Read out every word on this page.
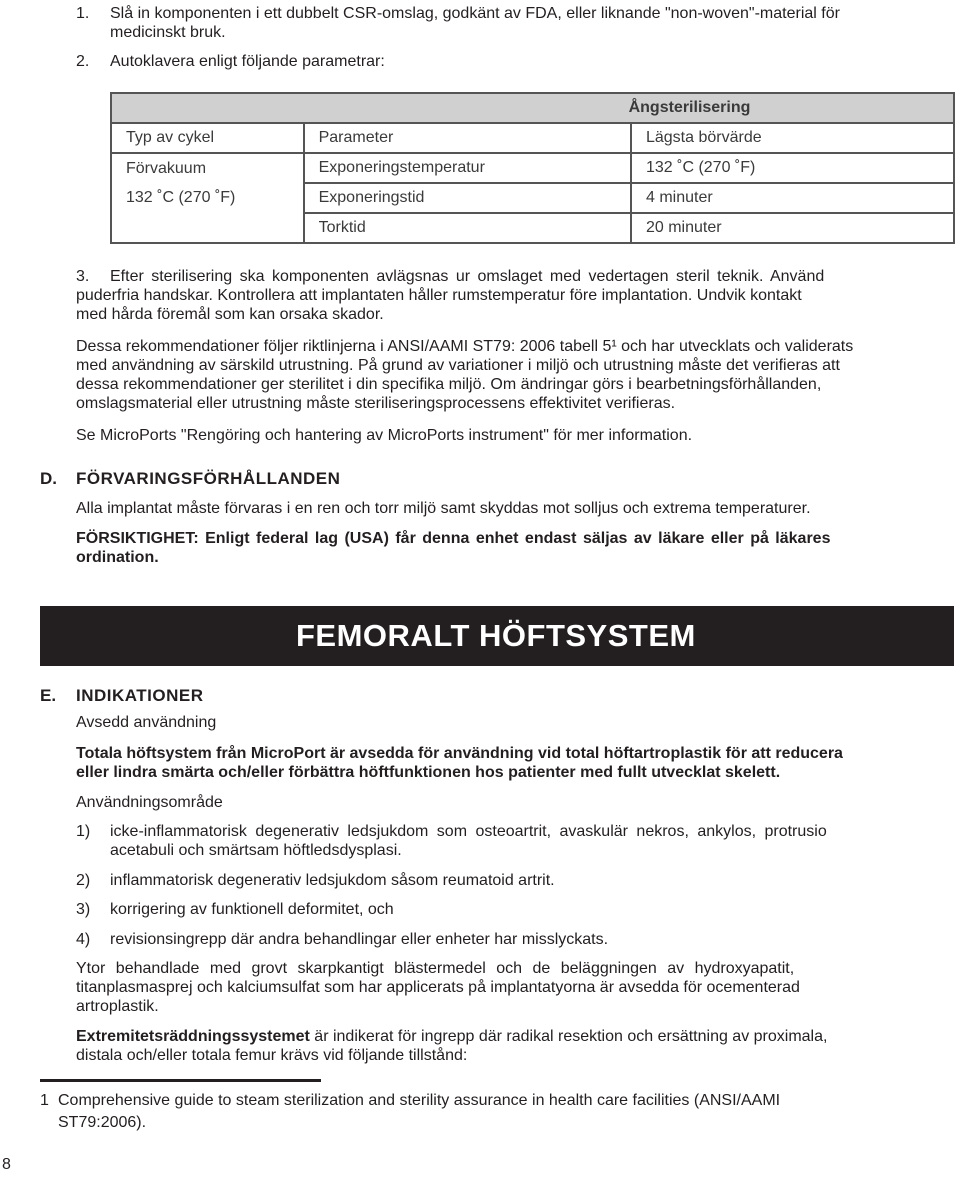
1. Slå in komponenten i ett dubbelt CSR-omslag, godkänt av FDA, eller liknande "non-woven"-material för
medicinskt bruk.
2. Autoklavera enligt följande parametrar:
Ångsterilisering		
Typ av cykel	Parameter	Lägsta börvärde
Förvakuum	Exponeringstemperatur	132 ˚C (270 ˚F)
132 ˚C (270 ˚F)	Exponeringstid	4 minuter
	Torktid	20 minuter
3. Efter sterilisering ska komponenten avlägsnas ur omslaget med vedertagen steril teknik. Använd
puderfria handskar. Kontrollera att implantaten håller rumstemperatur före implantation. Undvik kontakt
med hårda föremål som kan orsaka skador.
Dessa rekommendationer följer riktlinjerna i ANSI/AAMI ST79: 2006 tabell 5¹ och har utvecklats och validerats
med användning av särskild utrustning. På grund av variationer i miljö och utrustning måste det verifieras att
dessa rekommendationer ger sterilitet i din specifika miljö. Om ändringar görs i bearbetningsförhållanden,
omslagsmaterial eller utrustning måste steriliseringsprocessens effektivitet verifieras.
Se MicroPorts "Rengöring och hantering av MicroPorts instrument" för mer information.
D. FÖRVARINGSFÖRHÅLLANDEN
Alla implantat måste förvaras i en ren och torr miljö samt skyddas mot solljus och extrema temperaturer.
FÖRSIKTIGHET: Enligt federal lag (USA) får denna enhet endast säljas av läkare eller på läkares
ordination.
FEMORALT HÖFTSYSTEM
E. INDIKATIONER
Avsedd användning
Totala höftsystem från MicroPort är avsedda för användning vid total höftartroplastik för att reducera
eller lindra smärta och/eller förbättra höftfunktionen hos patienter med fullt utvecklat skelett.
Användningsområde
1) icke-inflammatorisk degenerativ ledsjukdom som osteoartrit, avaskulär nekros, ankylos, protrusio
acetabuli och smärtsam höftledsdysplasi.
2) inflammatorisk degenerativ ledsjukdom såsom reumatoid artrit.
3) korrigering av funktionell deformitet, och
4) revisionsingrepp där andra behandlingar eller enheter har misslyckats.
Ytor behandlade med grovt skarpkantigt blästermedel och de beläggningen av hydroxyapatit,
titanplasmasprej och kalciumsulfat som har applicerats på implantatyorna är avsedda för ocementerad
artroplastik.
Extremitetsräddningssystemet är indikerat för ingrepp där radikal resektion och ersättning av proximala,
distala och/eller totala femur krävs vid följande tillstånd:
1 Comprehensive guide to steam sterilization and sterility assurance in health care facilities (ANSI/AAMI
ST79:2006).
8
